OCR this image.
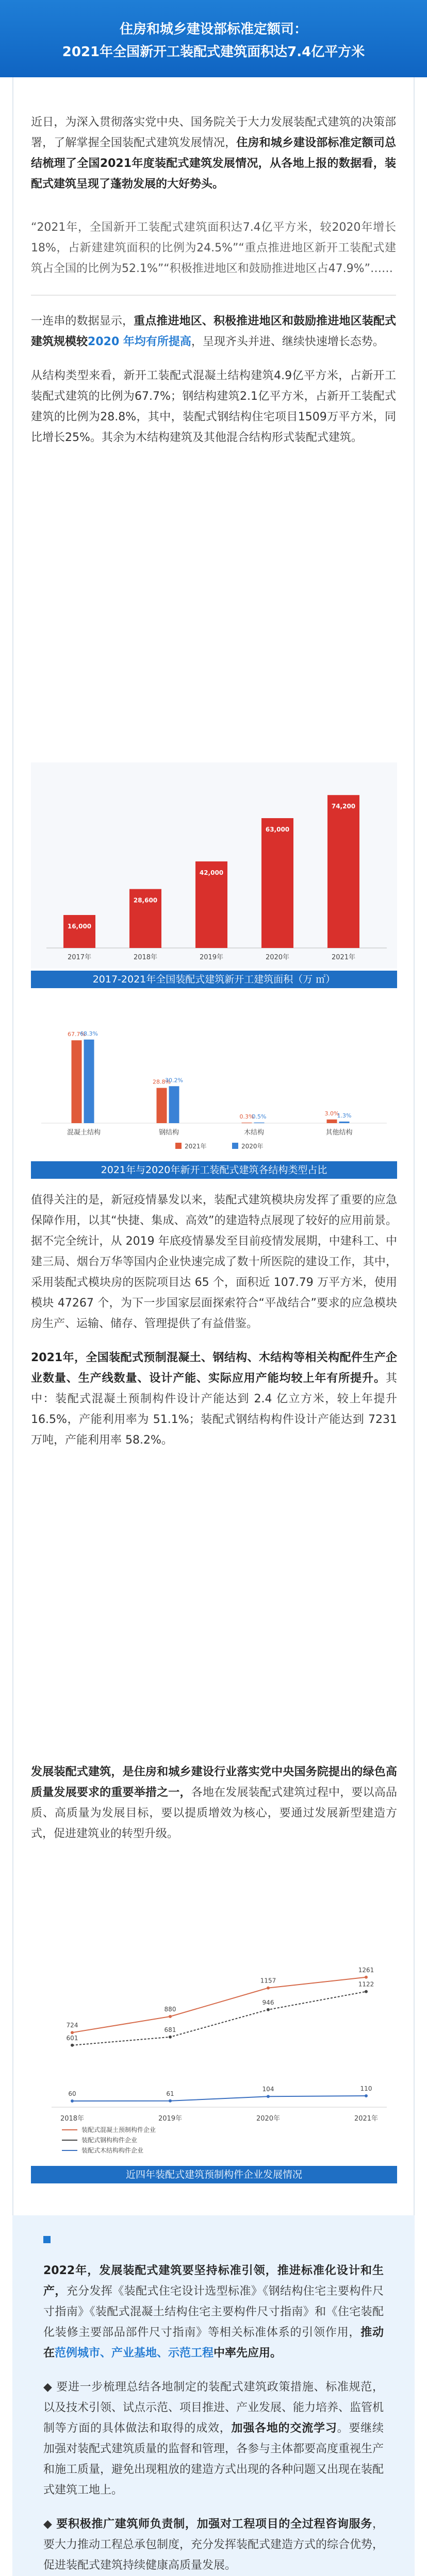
住房和城乡建设部标准定额司：
2021年全国新开工装配式建筑面积达7.4亿平方米

近日，为深入贯彻落实党中央、国务院关于大力发展装配式建筑的决策部署，了解掌握全国装配式建筑发展情况，住房和城乡建设部标准定额司总结梳理了全国2021年度装配式建筑发展情况，从各地上报的数据看，装配式建筑呈现了蓬勃发展的大好势头。

“2021年，全国新开工装配式建筑面积达7.4亿平方米，较2020年增长18%，占新建建筑面积的比例为24.5%”“重点推进地区新开工装配式建筑占全国的比例为52.1%”“积极推进地区和鼓励推进地区占47.9%”……

一连串的数据显示，重点推进地区、积极推进地区和鼓励推进地区装配式建筑规模较2020 年均有所提高，呈现齐头并进、继续快速增长态势。

从结构类型来看，新开工装配式混凝土结构建筑4.9亿平方米，占新开工装配式建筑的比例为67.7%；钢结构建筑2.1亿平方米，占新开工装配式建筑的比例为28.8%，其中，装配式钢结构住宅项目1509万平方米，同比增长25%。其余为木结构建筑及其他混合结构形式装配式建筑。

16,000
2017年
28,600
2018年
42,000
2019年
63,000
2020年
74,200
2021年
2017-2021年全国装配式建筑新开工建筑面积（万 ㎡）
67.7%
68.3%
混凝土结构
28.8%
30.2%
钢结构
0.3%
0.5%
木结构
3.0%
1.3%
其他结构
2021年	2020年
2021年与2020年新开工装配式建筑各结构类型占比

值得关注的是，新冠疫情暴发以来，装配式建筑模块房发挥了重要的应急保障作用，以其“快捷、集成、高效”的建造特点展现了较好的应用前景。据不完全统计，从 2019 年底疫情暴发至目前疫情发展期，中建科工、中建三局、烟台万华等国内企业快速完成了数十所医院的建设工作，其中，采用装配式模块房的医院项目达 65 个，面积近 107.79 万平方米，使用模块 47267 个，为下一步国家层面探索符合“平战结合”要求的应急模块房生产、运输、储存、管理提供了有益借鉴。

2021年，全国装配式预制混凝土、钢结构、木结构等相关构配件生产企业数量、生产线数量、设计产能、实际应用产能均较上年有所提升。其中：装配式混凝土预制构件设计产能达到 2.4 亿立方米，较上年提升 16.5%，产能利用率为 51.1%；装配式钢结构构件设计产能达到 7231 万吨，产能利用率 58.2%。

发展装配式建筑，是住房和城乡建设行业落实党中央国务院提出的绿色高质量发展要求的重要举措之一，各地在发展装配式建筑过程中，要以高品质、高质量为发展目标，要以提质增效为核心，要通过发展新型建造方式，促进建筑业的转型升级。

2018年	2019年	2020年	2021年
724
880
1157
1261
装配式混凝土预制构件企业
601
681
946
1122
装配式钢构构件企业
60	61
104	110
装配式木结构构件企业
近四年装配式建筑预制构件企业发展情况

2022年，发展装配式建筑要坚持标准引领，推进标准化设计和生产，充分发挥《装配式住宅设计选型标准》《钢结构住宅主要构件尺寸指南》《装配式混凝土结构住宅主要构件尺寸指南》和《住宅装配化装修主要部品部件尺寸指南》等相关标准体系的引领作用，推动在范例城市、产业基地、示范工程中率先应用。

◆ 要进一步梳理总结各地制定的装配式建筑政策措施、标准规范，以及技术引领、试点示范、项目推进、产业发展、能力培养、监管机制等方面的具体做法和取得的成效，加强各地的交流学习。要继续加强对装配式建筑质量的监督和管理，各参与主体都要高度重视生产和施工质量，避免出现粗放的建造方式出现的各种问题又出现在装配式建筑工地上。

◆ 要积极推广建筑师负责制，加强对工程项目的全过程咨询服务，要大力推动工程总承包制度，充分发挥装配式建造方式的综合优势，促进装配式建筑持续健康高质量发展。
